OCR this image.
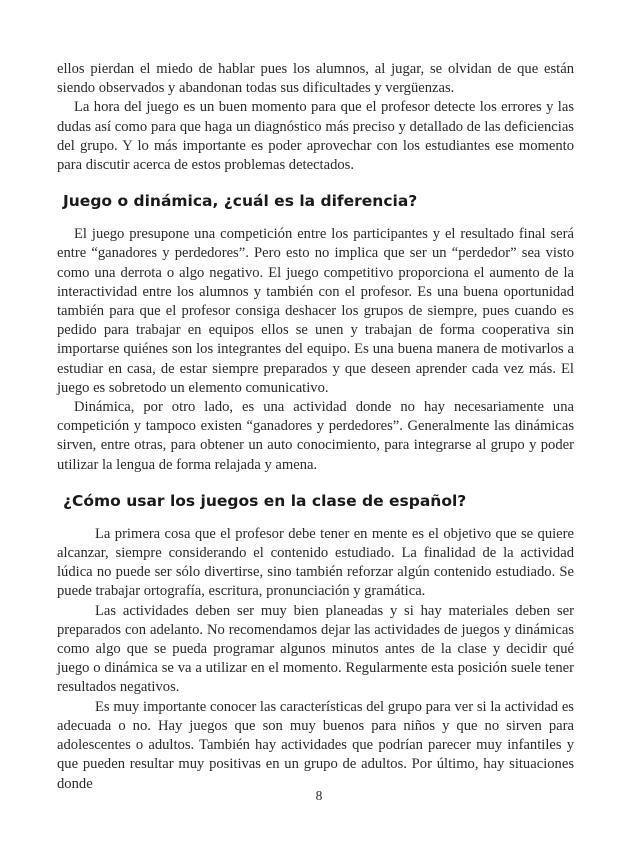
ellos pierdan el miedo de hablar pues los alumnos, al jugar, se olvidan de que están siendo observados y abandonan todas sus dificultades y vergüenzas.

La hora del juego es un buen momento para que el profesor detecte los errores y las dudas así como para que haga un diagnóstico más preciso y detallado de las deficiencias del grupo. Y lo más importante es poder aprovechar con los estudiantes ese momento para discutir acerca de estos problemas detectados.

Juego o dinámica, ¿cuál es la diferencia?

El juego presupone una competición entre los participantes y el resultado final será entre “ganadores y perdedores”. Pero esto no implica que ser un “perdedor” sea visto como una derrota o algo negativo. El juego competitivo proporciona el aumento de la interactividad entre los alumnos y también con el profesor. Es una buena oportunidad también para que el profesor consiga deshacer los grupos de siempre, pues cuando es pedido para trabajar en equipos ellos se unen y trabajan de forma cooperativa sin importarse quiénes son los integrantes del equipo. Es una buena manera de motivarlos a estudiar en casa, de estar siempre preparados y que deseen aprender cada vez más. El juego es sobretodo un elemento comunicativo.

Dinámica, por otro lado, es una actividad donde no hay necesariamente una competición y tampoco existen “ganadores y perdedores”. Generalmente las dinámicas sirven, entre otras, para obtener un auto conocimiento, para integrarse al grupo y poder utilizar la lengua de forma relajada y amena.

¿Cómo usar los juegos en la clase de español?

La primera cosa que el profesor debe tener en mente es el objetivo que se quiere alcanzar, siempre considerando el contenido estudiado. La finalidad de la actividad lúdica no puede ser sólo divertirse, sino también reforzar algún contenido estudiado. Se puede trabajar ortografía, escritura, pronunciación y gramática.

Las actividades deben ser muy bien planeadas y si hay materiales deben ser preparados con adelanto. No recomendamos dejar las actividades de juegos y dinámicas como algo que se pueda programar algunos minutos antes de la clase y decidir qué juego o dinámica se va a utilizar en el momento. Regularmente esta posición suele tener resultados negativos.

Es muy importante conocer las características del grupo para ver si la actividad es adecuada o no. Hay juegos que son muy buenos para niños y que no sirven para adolescentes o adultos. También hay actividades que podrían parecer muy infantiles y que pueden resultar muy positivas en un grupo de adultos. Por último, hay situaciones donde

8
